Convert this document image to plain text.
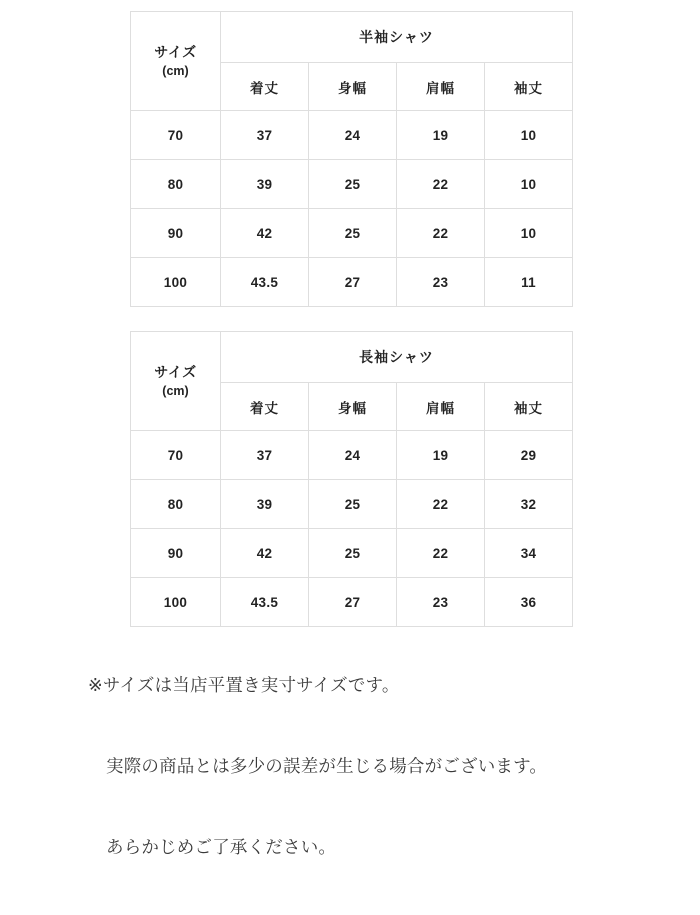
サイズ
(cm)	半袖シャツ			
	着丈	身幅	肩幅	袖丈
70	37	24	19	10
80	39	25	22	10
90	42	25	22	10
100	43.5	27	23	11
サイズ
(cm)	長袖シャツ			
	着丈	身幅	肩幅	袖丈
70	37	24	19	29
80	39	25	22	32
90	42	25	22	34
100	43.5	27	23	36

※サイズは当店平置き実寸サイズです。

実際の商品とは多少の誤差が生じる場合がございます。

あらかじめご了承ください。
